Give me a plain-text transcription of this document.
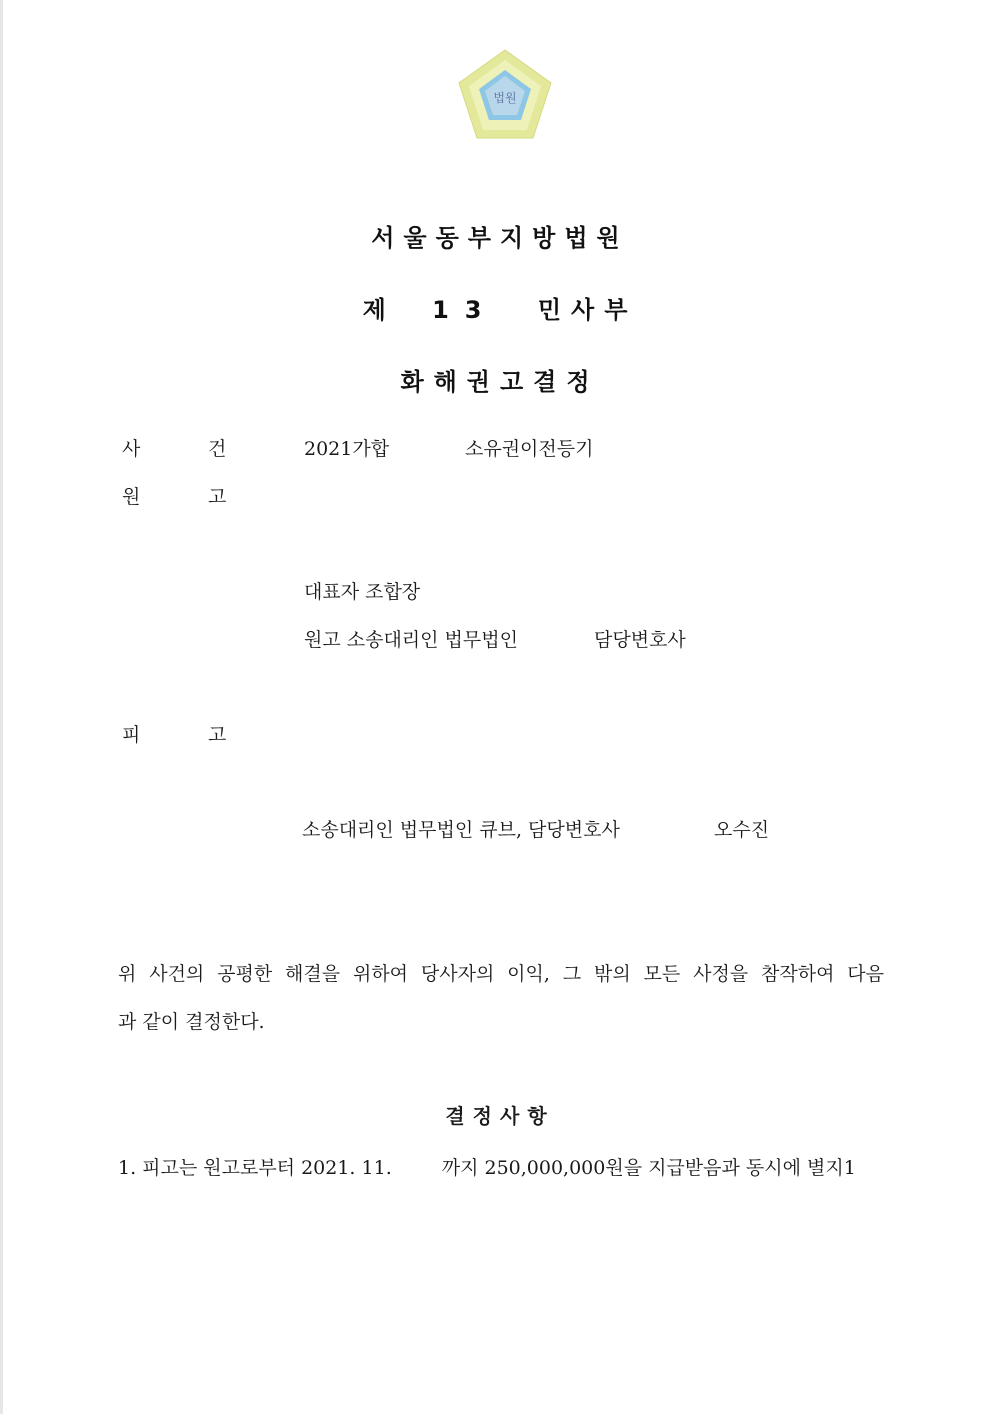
법원
서울동부지방법원
제 13 민사부
화해권고결정
사	건	2021가합	소유권이전등기
원	고
대표자 조합장
원고 소송대리인 법무법인	담당변호사
피	고
소송대리인 법무법인 큐브, 담당변호사	오수진
위 사건의 공평한 해결을 위하여 당사자의 이익, 그 밖의 모든 사정을 참작하여 다음
과 같이 결정한다.
결정사항
1. 피고는 원고로부터 2021. 11.	까지 250,000,000원을 지급받음과 동시에 별지1
